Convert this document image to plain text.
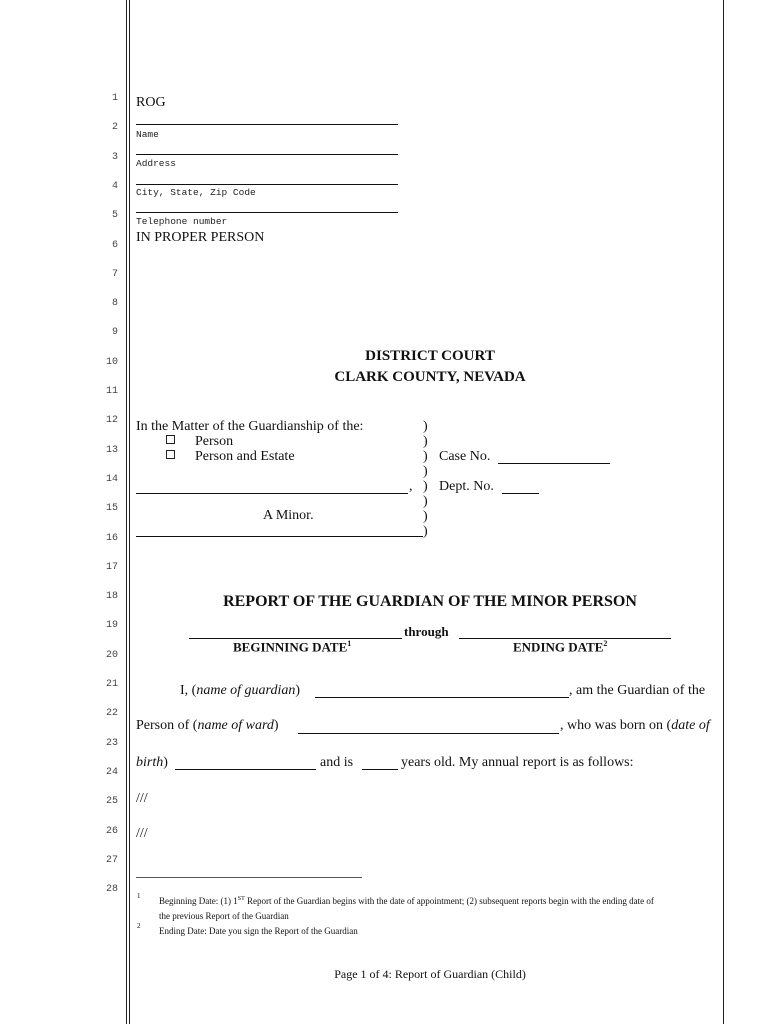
1
2
3
4
5
6
7
8
9
10
11
12
13
14
15
16
17
18
19
20
21
22
23
24
25
26
27
28
ROG
Name
Address
City, State, Zip Code
Telephone number
IN PROPER PERSON
DISTRICT COURT
CLARK COUNTY, NEVADA
In the Matter of the Guardianship of the:
Person
Person and Estate
,
A Minor.
)
)
)
)
)
)
)
)
Case No.
Dept. No.
REPORT OF THE GUARDIAN OF THE MINOR PERSON
through
BEGINNING DATE$^1$	ENDING DATE$^2$
I, (name of guardian)	, am the Guardian of the
Person of (name of ward)	, who was born on (date of
birth)	and is	years old. My annual report is as follows:
///
///
1 Beginning Date: (1) 1ST Report of the Guardian begins with the date of appointment; (2) subsequent reports begin with the ending date of
the previous Report of the Guardian
2 Ending Date: Date you sign the Report of the Guardian
Page 1 of 4: Report of Guardian (Child)
